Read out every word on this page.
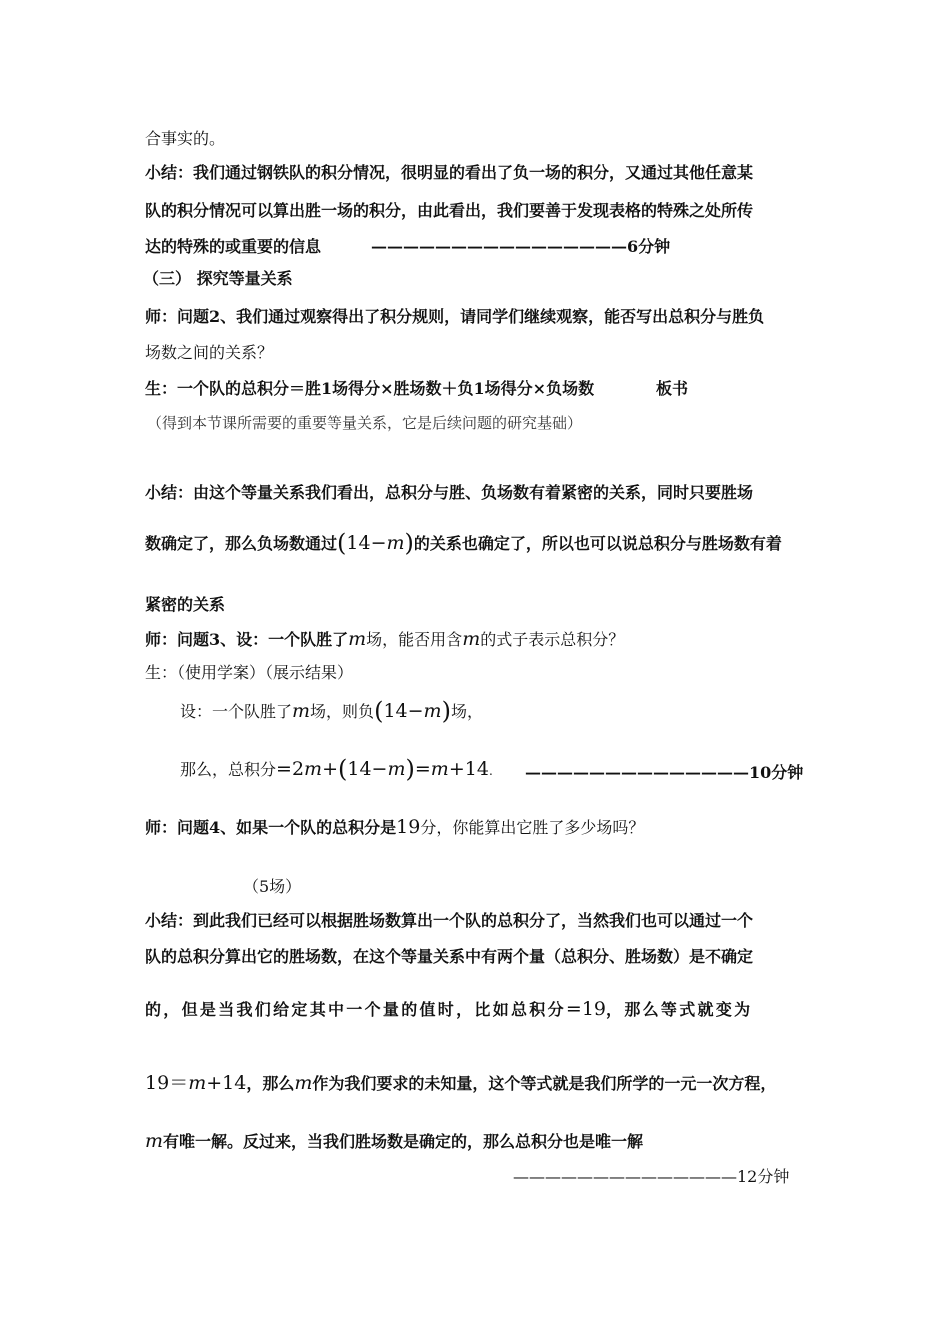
合事实的。
小结：我们通过钢铁队的积分情况，很明显的看出了负一场的积分，又通过其他任意某
队的积分情况可以算出胜一场的积分，由此看出，我们要善于发现表格的特殊之处所传
达的特殊的或重要的信息	————————————————6分钟
（三） 探究等量关系
师：问题2、我们通过观察得出了积分规则，请同学们继续观察，能否写出总积分与胜负
场数之间的关系？
生：一个队的总积分＝胜1场得分×胜场数＋负1场得分×负场数	板书
（得到本节课所需要的重要等量关系，它是后续问题的研究基础）
小结：由这个等量关系我们看出，总积分与胜、负场数有着紧密的关系，同时只要胜场
数确定了，那么负场数通过(14−m)的关系也确定了，所以也可以说总积分与胜场数有着
紧密的关系
师：问题3、设：一个队胜了m场，能否用含m的式子表示总积分？
生：（使用学案）（展示结果）
设：一个队胜了m场，则负(14−m)场，
那么，总积分=2m+(14−m)=m+14. ——————————————10分钟
师：问题4、如果一个队的总积分是19分，你能算出它胜了多少场吗？
（5场）
小结：到此我们已经可以根据胜场数算出一个队的总积分了，当然我们也可以通过一个
队的总积分算出它的胜场数，在这个等量关系中有两个量（总积分、胜场数）是不确定
的，但是当我们给定其中一个量的值时，比如总积分=19，那么等式就变为
19＝m+14，那么m作为我们要求的未知量，这个等式就是我们所学的一元一次方程，
m有唯一解。反过来，当我们胜场数是确定的，那么总积分也是唯一解
——————————————12分钟
